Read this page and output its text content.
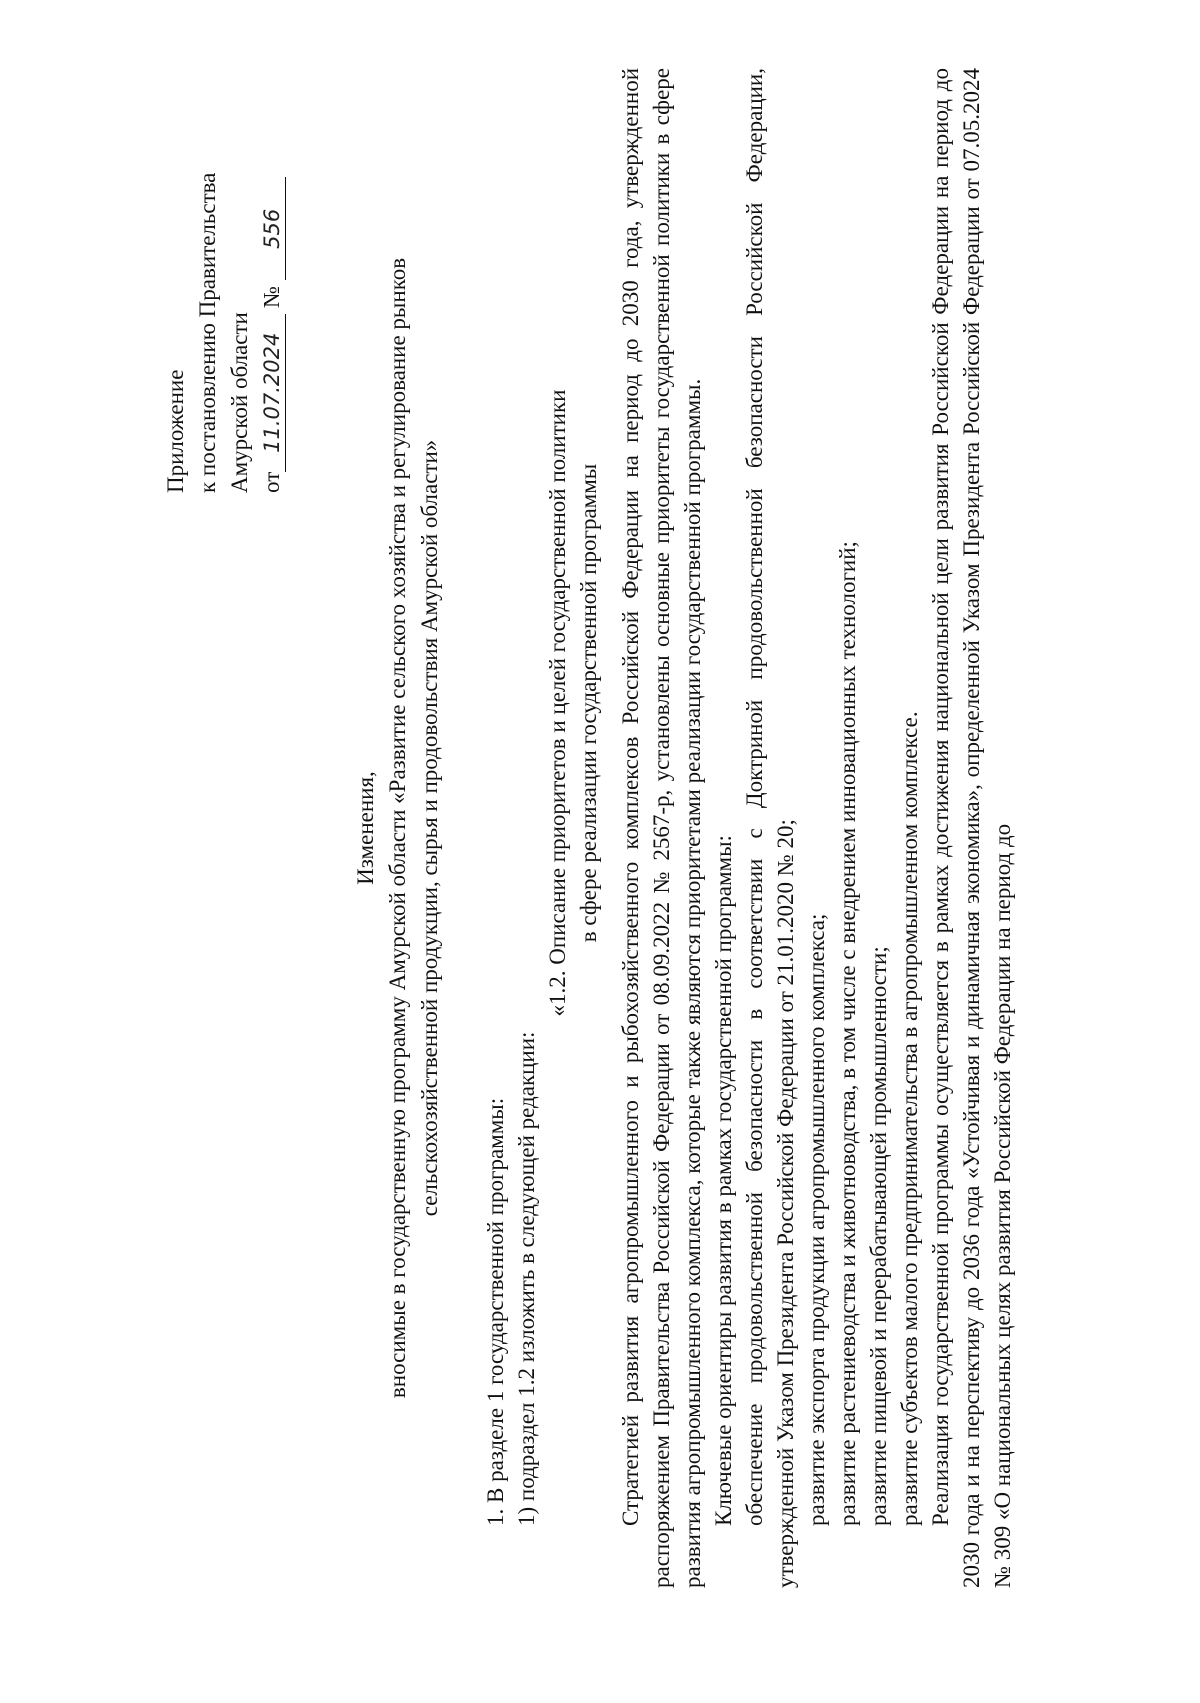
Приложение к постановлению Правительства Амурской области от11.07.2024 № 556
Изменения, вносимые в государственную программу Амурской области «Развитие сельского хозяйства и регулирование рынков сельскохозяйственной продукции, сырья и продовольствия Амурской области»
1. В разделе 1 государственной программы: 1) подраздел 1.2 изложить в следующей редакции:
«1.2. Описание приоритетов и целей государственной политики в сфере реализации государственной программы Стратегией развития агропромышленного и рыбохозяйственного комплексов Российской Федерации на период до 2030 года, утвержденной распоряжением Правительства Российской Федерации от 08.09.2022 № 2567-р, установлены основные приоритеты государственной политики в сфере развития агропромышленного комплекса, которые также являются приоритетами реализации государственной программы. Ключевые ориентиры развития в рамках государственной программы: обеспечение продовольственной безопасности в соответствии с Доктриной продовольственной безопасности Российской Федерации, утвержденной Указом Президента Российской Федерации от 21.01.2020 № 20; развитие экспорта продукции агропромышленного комплекса; развитие растениеводства и животноводства, в том числе с внедрением инновационных технологий; развитие пищевой и перерабатывающей промышленности; развитие субъектов малого предпринимательства в агропромышленном комплексе. Реализация государственной программы осуществляется в рамках достижения национальной цели развития Российской Федерации на период до 2030 года и на перспективу до 2036 года «Устойчивая и динамичная экономика», определенной Указом Президента Российской Федерации от 07.05.2024 № 309 «О национальных целях развития Российской Федерации на период до
